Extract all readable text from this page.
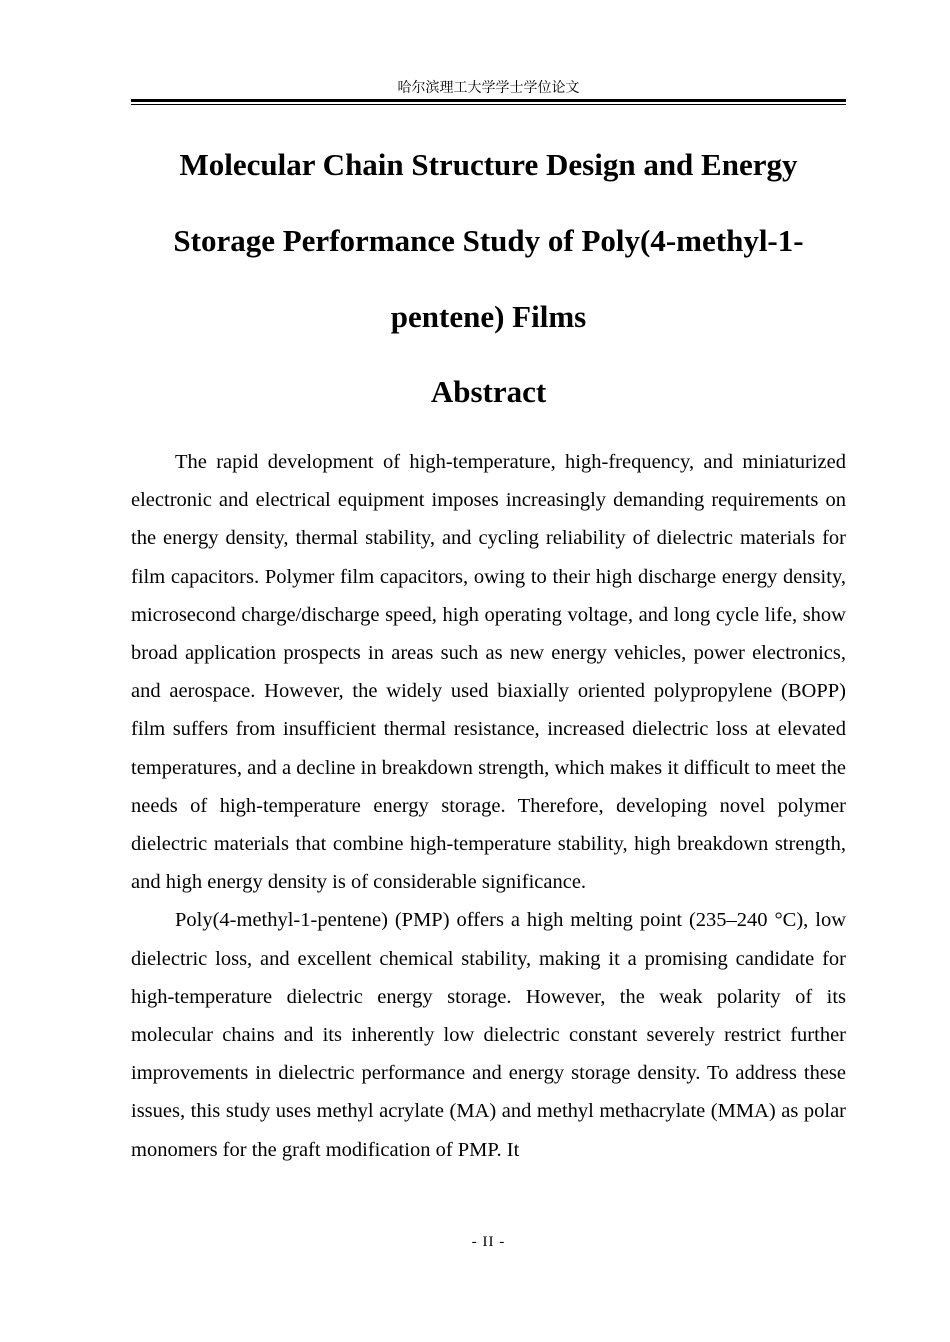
哈尔滨理工大学学士学位论文
Molecular Chain Structure Design and Energy
Storage Performance Study of Poly(4-methyl-1-
pentene) Films
Abstract

The rapid development of high-temperature, high-frequency, and miniaturized electronic and electrical equipment imposes increasingly demanding requirements on the energy density, thermal stability, and cycling reliability of dielectric materials for film capacitors. Polymer film capacitors, owing to their high discharge energy density, microsecond charge/discharge speed, high operating voltage, and long cycle life, show broad application prospects in areas such as new energy vehicles, power electronics, and aerospace. However, the widely used biaxially oriented polypropylene (BOPP) film suffers from insufficient thermal resistance, increased dielectric loss at elevated temperatures, and a decline in breakdown strength, which makes it difficult to meet the needs of high-temperature energy storage. Therefore, developing novel polymer dielectric materials that combine high-temperature stability, high breakdown strength, and high energy density is of considerable significance.

Poly(4-methyl-1-pentene) (PMP) offers a high melting point (235–240 °C), low dielectric loss, and excellent chemical stability, making it a promising candidate for high-temperature dielectric energy storage. However, the weak polarity of its molecular chains and its inherently low dielectric constant severely restrict further improvements in dielectric performance and energy storage density. To address these issues, this study uses methyl acrylate (MA) and methyl methacrylate (MMA) as polar monomers for the graft modification of PMP. It

- II -
